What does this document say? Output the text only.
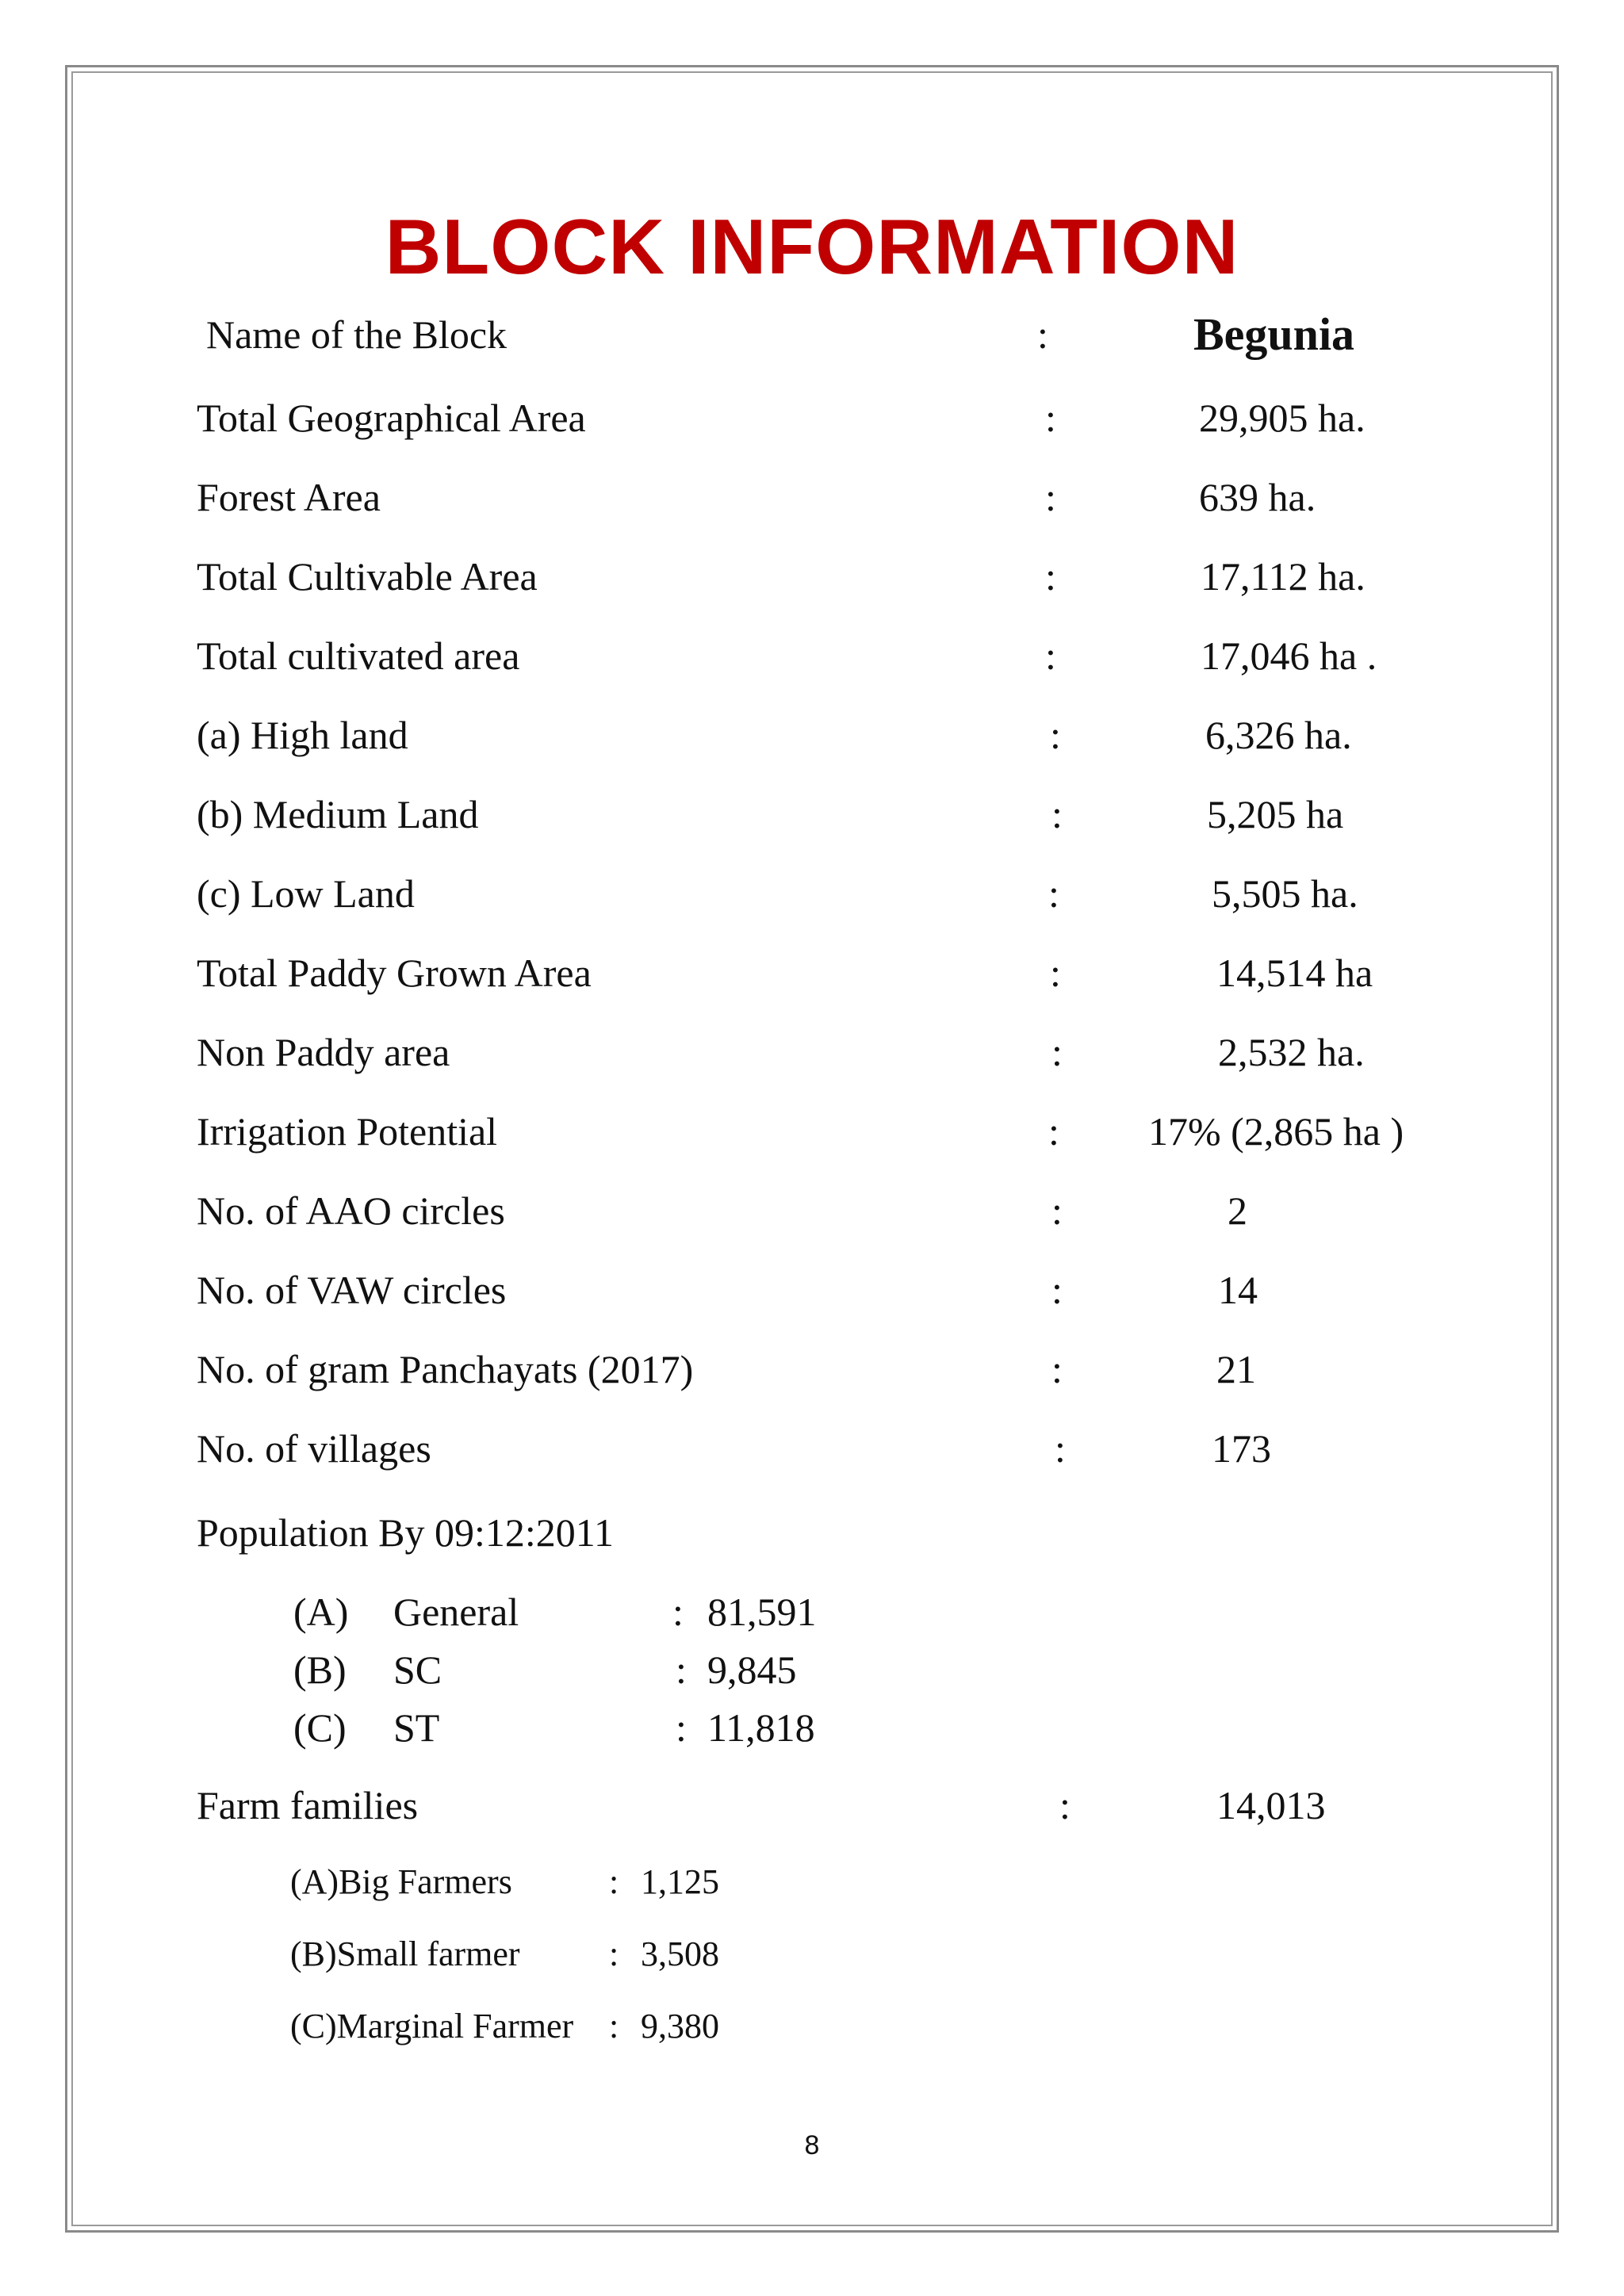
BLOCK INFORMATION
Name of the Block	:	Begunia
Total Geographical Area	:	29,905 ha.
Forest Area	:	639 ha.
Total Cultivable Area	:	17,112 ha.
Total cultivated area	:	17,046 ha .
(a) High land	:	6,326 ha.
(b) Medium Land	:	5,205 ha
(c) Low Land	:	5,505 ha.
Total Paddy Grown Area	:	14,514 ha
Non Paddy area	:	2,532 ha.
Irrigation Potential	: 17% (2,865 ha )
No. of AAO circles	:	2
No. of VAW circles	:	14
No. of gram Panchayats (2017)	:	21
No. of villages	:	173
Population By 09:12:2011
(A) General	: 81,591
(B) SC	: 9,845
(C) ST	: 11,818
Farm families	:	14,013
(A)Big Farmers	: 1,125
(B)Small farmer	: 3,508
(C)Marginal Farmer : 9,380
8
